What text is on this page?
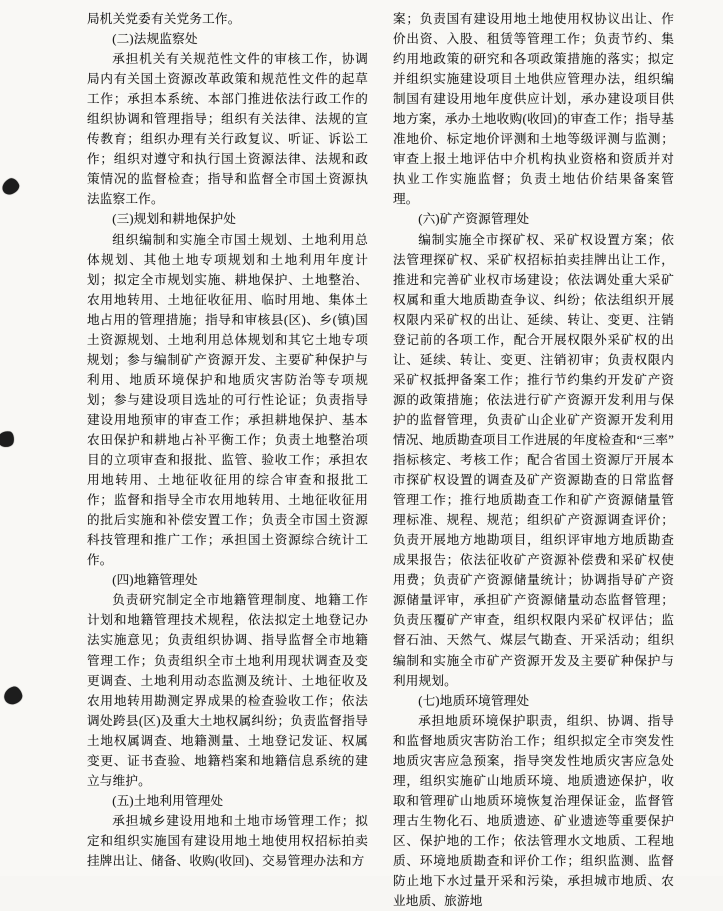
局机关党委有关党务工作。

(二)法规监察处

承担机关有关规范性文件的审核工作，协调局内有关国土资源改革政策和规范性文件的起草工作；承担本系统、本部门推进依法行政工作的组织协调和管理指导；组织有关法律、法规的宣传教育；组织办理有关行政复议、听证、诉讼工作；组织对遵守和执行国土资源法律、法规和政策情况的监督检查；指导和监督全市国土资源执法监察工作。

(三)规划和耕地保护处

组织编制和实施全市国土规划、土地利用总体规划、其他土地专项规划和土地利用年度计划；拟定全市规划实施、耕地保护、土地整治、农用地转用、土地征收征用、临时用地、集体土地占用的管理措施；指导和审核县(区)、乡(镇)国土资源规划、土地利用总体规划和其它土地专项规划；参与编制矿产资源开发、主要矿种保护与利用、地质环境保护和地质灾害防治等专项规划；参与建设项目选址的可行性论证；负责指导建设用地预审的审查工作；承担耕地保护、基本农田保护和耕地占补平衡工作；负责土地整治项目的立项审查和报批、监管、验收工作；承担农用地转用、土地征收征用的综合审查和报批工作；监督和指导全市农用地转用、土地征收征用的批后实施和补偿安置工作；负责全市国土资源科技管理和推广工作；承担国土资源综合统计工作。

(四)地籍管理处

负责研究制定全市地籍管理制度、地籍工作计划和地籍管理技术规程，依法拟定土地登记办法实施意见；负责组织协调、指导监督全市地籍管理工作；负责组织全市土地利用现状调查及变更调查、土地利用动态监测及统计、土地征收及农用地转用勘测定界成果的检查验收工作；依法调处跨县(区)及重大土地权属纠纷；负责监督指导土地权属调查、地籍测量、土地登记发证、权属变更、证书查验、地籍档案和地籍信息系统的建立与维护。

(五)土地利用管理处

承担城乡建设用地和土地市场管理工作；拟定和组织实施国有建设用地土地使用权招标拍卖挂牌出让、储备、收购(收回)、交易管理办法和方

案；负责国有建设用地土地使用权协议出让、作价出资、入股、租赁等管理工作；负责节约、集约用地政策的研究和各项政策措施的落实；拟定并组织实施建设项目土地供应管理办法，组织编制国有建设用地年度供应计划，承办建设项目供地方案，承办土地收购(收回)的审查工作；指导基准地价、标定地价评测和土地等级评测与监测；审查上报土地评估中介机构执业资格和资质并对执业工作实施监督；负责土地估价结果备案管理。

(六)矿产资源管理处

编制实施全市探矿权、采矿权设置方案；依法管理探矿权、采矿权招标拍卖挂牌出让工作，推进和完善矿业权市场建设；依法调处重大采矿权属和重大地质勘查争议、纠纷；依法组织开展权限内采矿权的出让、延续、转让、变更、注销登记前的各项工作，配合开展权限外采矿权的出让、延续、转让、变更、注销初审；负责权限内采矿权抵押备案工作；推行节约集约开发矿产资源的政策措施；依法进行矿产资源开发利用与保护的监督管理，负责矿山企业矿产资源开发利用情况、地质勘查项目工作进展的年度检查和“三率”指标核定、考核工作；配合省国土资源厅开展本市探矿权设置的调查及矿产资源勘查的日常监督管理工作；推行地质勘查工作和矿产资源储量管理标准、规程、规范；组织矿产资源调查评价；负责开展地方地勘项目，组织评审地方地质勘查成果报告；依法征收矿产资源补偿费和采矿权使用费；负责矿产资源储量统计；协调指导矿产资源储量评审，承担矿产资源储量动态监督管理；负责压覆矿产审查，组织权限内采矿权评估；监督石油、天然气、煤层气勘查、开采活动；组织编制和实施全市矿产资源开发及主要矿种保护与利用规划。

(七)地质环境管理处

承担地质环境保护职责，组织、协调、指导和监督地质灾害防治工作；组织拟定全市突发性地质灾害应急预案，指导突发性地质灾害应急处理，组织实施矿山地质环境、地质遗迹保护，收取和管理矿山地质环境恢复治理保证金，监督管理古生物化石、地质遗迹、矿业遗迹等重要保护区、保护地的工作；依法管理水文地质、工程地质、环境地质勘查和评价工作；组织监测、监督防止地下水过量开采和污染，承担城市地质、农业地质、旅游地
